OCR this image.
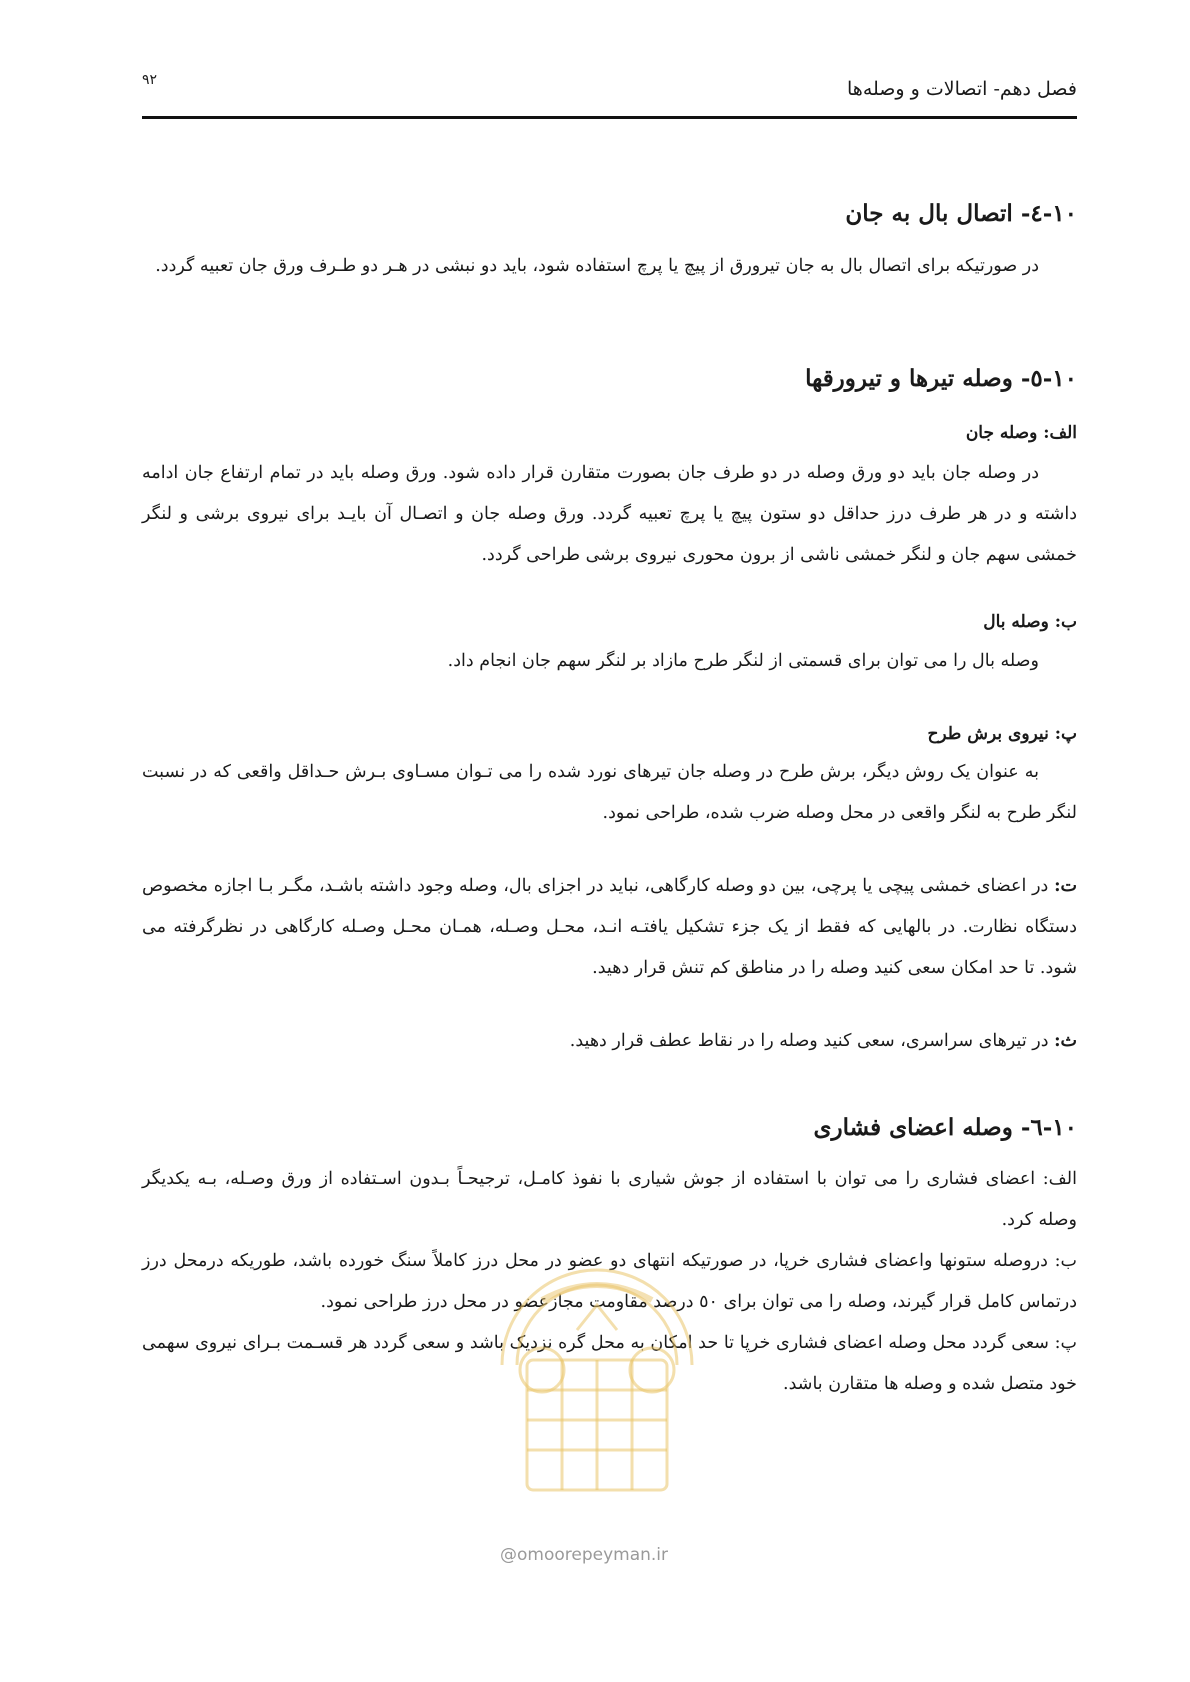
فصل دهم- اتصالات و وصله‌ها
۹۲
۱۰-٤- اتصال بال به جان
در صورتیکه برای اتصال بال به جان تیرورق از پیچ یا پرچ استفاده شود، باید دو نبشی در هـر دو طـرف ورق جان تعبیه گردد.
۱۰-٥- وصله تیرها و تیرورقها
الف: وصله جان
در وصله جان باید دو ورق وصله در دو طرف جان بصورت متقارن قرار داده شود. ورق وصله باید در تمام ارتفاع جان ادامه داشته و در هر طرف درز حداقل دو ستون پیچ یا پرچ تعبیه گردد. ورق وصله جان و اتصـال آن بایـد برای نیروی برشی و لنگر خمشی سهم جان و لنگر خمشی ناشی از برون محوری نیروی برشی طراحی گردد.
ب: وصله بال
وصله بال را می توان برای قسمتی از لنگر طرح مازاد بر لنگر سهم جان انجام داد.
پ: نیروی برش طرح
به عنوان یک روش دیگر، برش طرح در وصله جان تیرهای نورد شده را می تـوان مسـاوی بـرش حـداقل واقعی که در نسبت لنگر طرح به لنگر واقعی در محل وصله ضرب شده، طراحی نمود.
ت: در اعضای خمشی پیچی یا پرچی، بین دو وصله کارگاهی، نباید در اجزای بال، وصله وجود داشته باشـد، مگـر بـا اجازه مخصوص دستگاه نظارت. در بالهایی که فقط از یک جزء تشکیل یافتـه انـد، محـل وصـله، همـان محـل وصـله کارگاهی در نظرگرفته می شود. تا حد امکان سعی کنید وصله را در مناطق کم تنش قرار دهید.
ث: در تیرهای سراسری، سعی کنید وصله را در نقاط عطف قرار دهید.
۱۰-٦- وصله اعضای فشاری
الف: اعضای فشاری را می توان با استفاده از جوش شیاری با نفوذ کامـل، ترجیحـاً بـدون اسـتفاده از ورق وصـله، بـه یکدیگر وصله کرد.
ب: دروصله ستونها واعضای فشاری خرپا، در صورتیکه انتهای دو عضو در محل درز کاملاً سنگ خورده باشد، طوریکه درمحل درز درتماس کامل قرار گیرند، وصله را می توان برای ٥٠ درصد مقاومت مجازعضو در محل درز طراحی نمود.
پ: سعی گردد محل وصله اعضای فشاری خرپا تا حد امکان به محل گره نزدیک باشد و سعی گردد هر قسـمت بـرای نیروی سهمی خود متصل شده و وصله ها متقارن باشد.
@omoorepeyman.ir
